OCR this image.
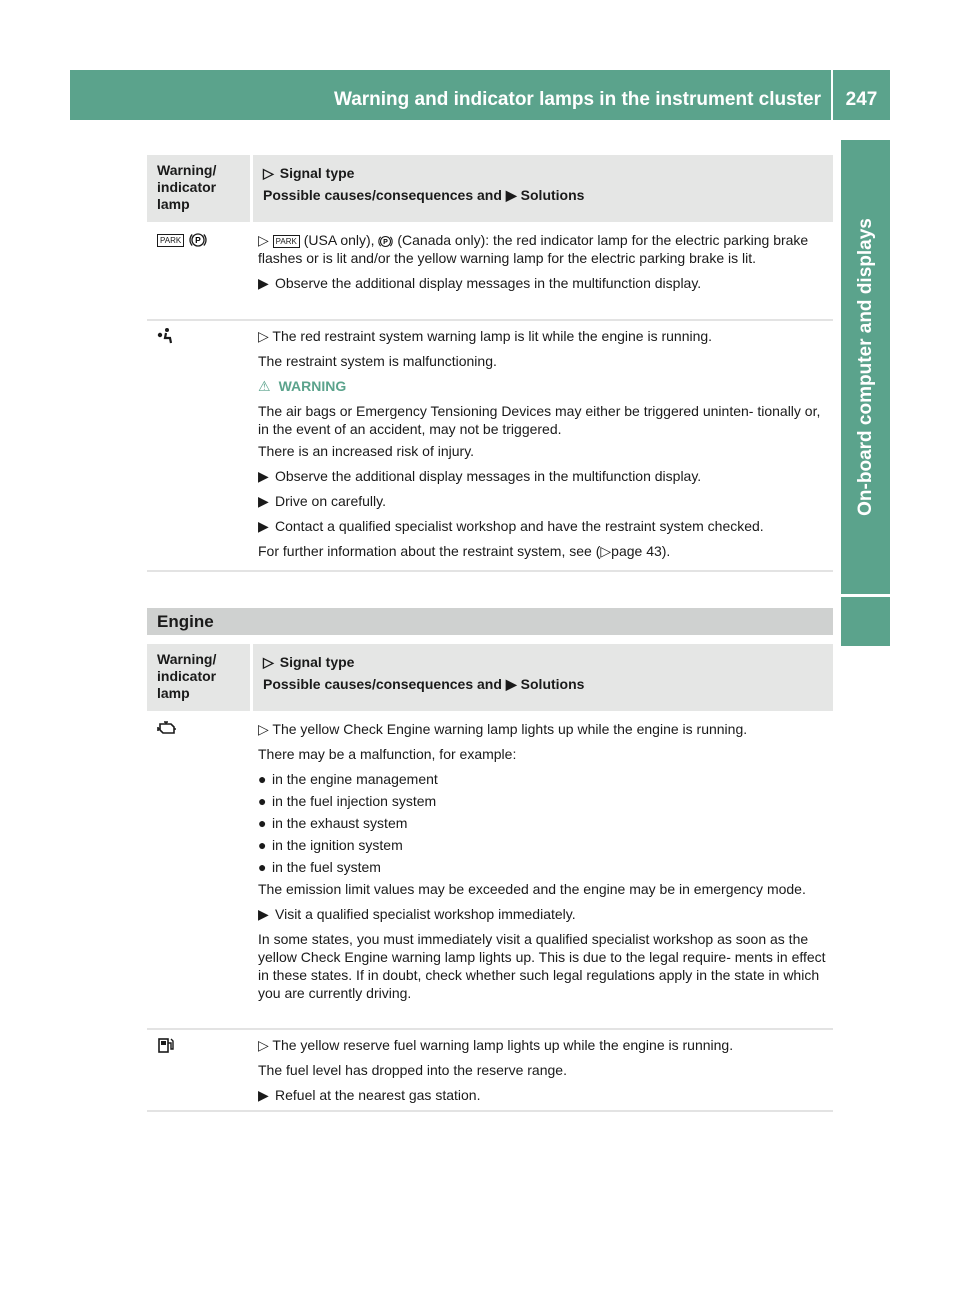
Warning and indicator lamps in the instrument cluster 247
On-board computer and displays
Warning/ indicator lamp
▷ Signal type
Possible causes/consequences and ▶ Solutions
PARK P	▷ PARK (USA only), P (Canada only): the red indicator lamp for the electric parking brake flashes or is lit and/or the yellow warning lamp for the electric parking brake is lit.

▶ Observe the additional display messages in the multifunction display.

▷ The red restraint system warning lamp is lit while the engine is running.

The restraint system is malfunctioning.

⚠ WARNING

The air bags or Emergency Tensioning Devices may either be triggered uninten- tionally or, in the event of an accident, may not be triggered.

There is an increased risk of injury.

▶ Observe the additional display messages in the multifunction display.
▶ Drive on carefully.
▶ Contact a qualified specialist workshop and have the restraint system checked.

For further information about the restraint system, see (▷page 43).

Engine
Warning/ indicator lamp
▷ Signal type
Possible causes/consequences and ▶ Solutions

▷ The yellow Check Engine warning lamp lights up while the engine is running.

There may be a malfunction, for example:

● in the engine management
● in the fuel injection system
● in the exhaust system
● in the ignition system
● in the fuel system

The emission limit values may be exceeded and the engine may be in emergency mode.

▶ Visit a qualified specialist workshop immediately.

In some states, you must immediately visit a qualified specialist workshop as soon as the yellow Check Engine warning lamp lights up. This is due to the legal require- ments in effect in these states. If in doubt, check whether such legal regulations apply in the state in which you are currently driving.

▷ The yellow reserve fuel warning lamp lights up while the engine is running.

The fuel level has dropped into the reserve range.

▶ Refuel at the nearest gas station.
